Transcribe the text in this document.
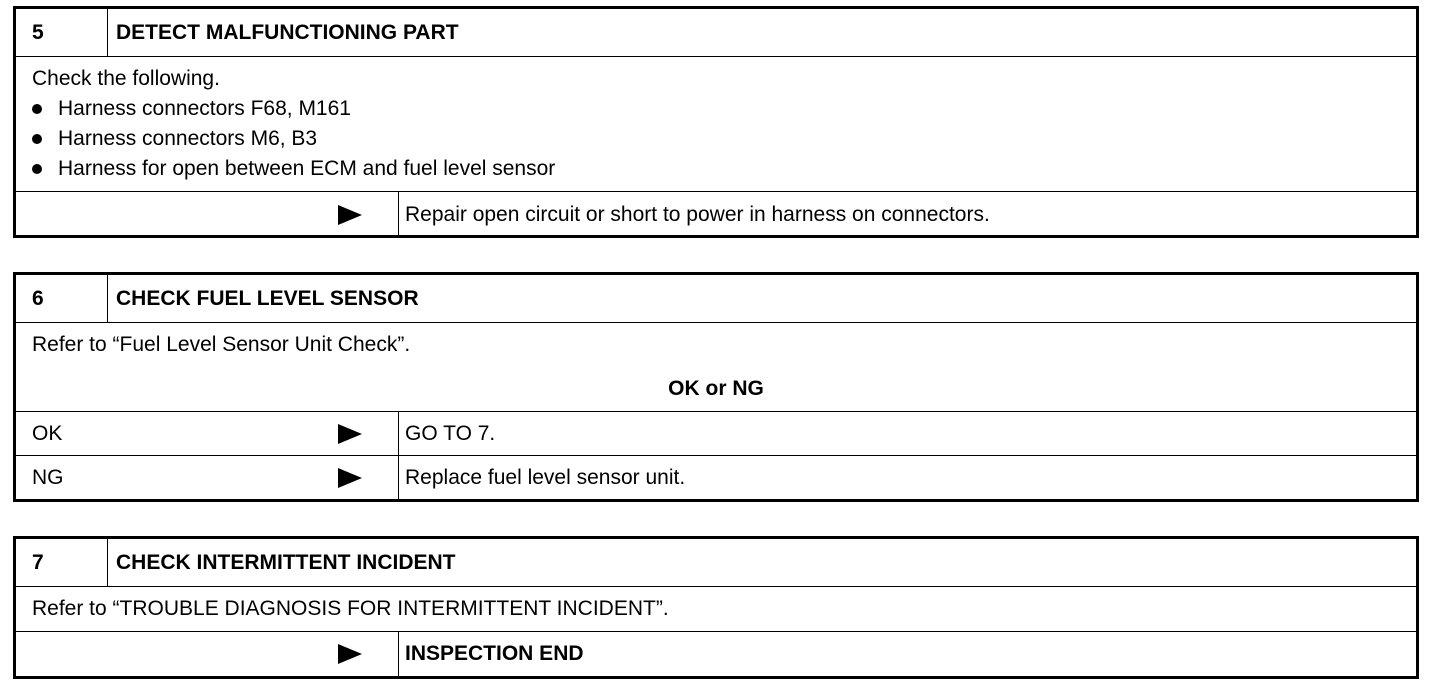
5	DETECT MALFUNCTIONING PART
Check the following.
Harness connectors F68, M161
Harness connectors M6, B3
Harness for open between ECM and fuel level sensor
Repair open circuit or short to power in harness on connectors.
6	CHECK FUEL LEVEL SENSOR
Refer to “Fuel Level Sensor Unit Check”.
OK or NG
OK	GO TO 7.
NG	Replace fuel level sensor unit.
7	CHECK INTERMITTENT INCIDENT
Refer to “TROUBLE DIAGNOSIS FOR INTERMITTENT INCIDENT”.
INSPECTION END
